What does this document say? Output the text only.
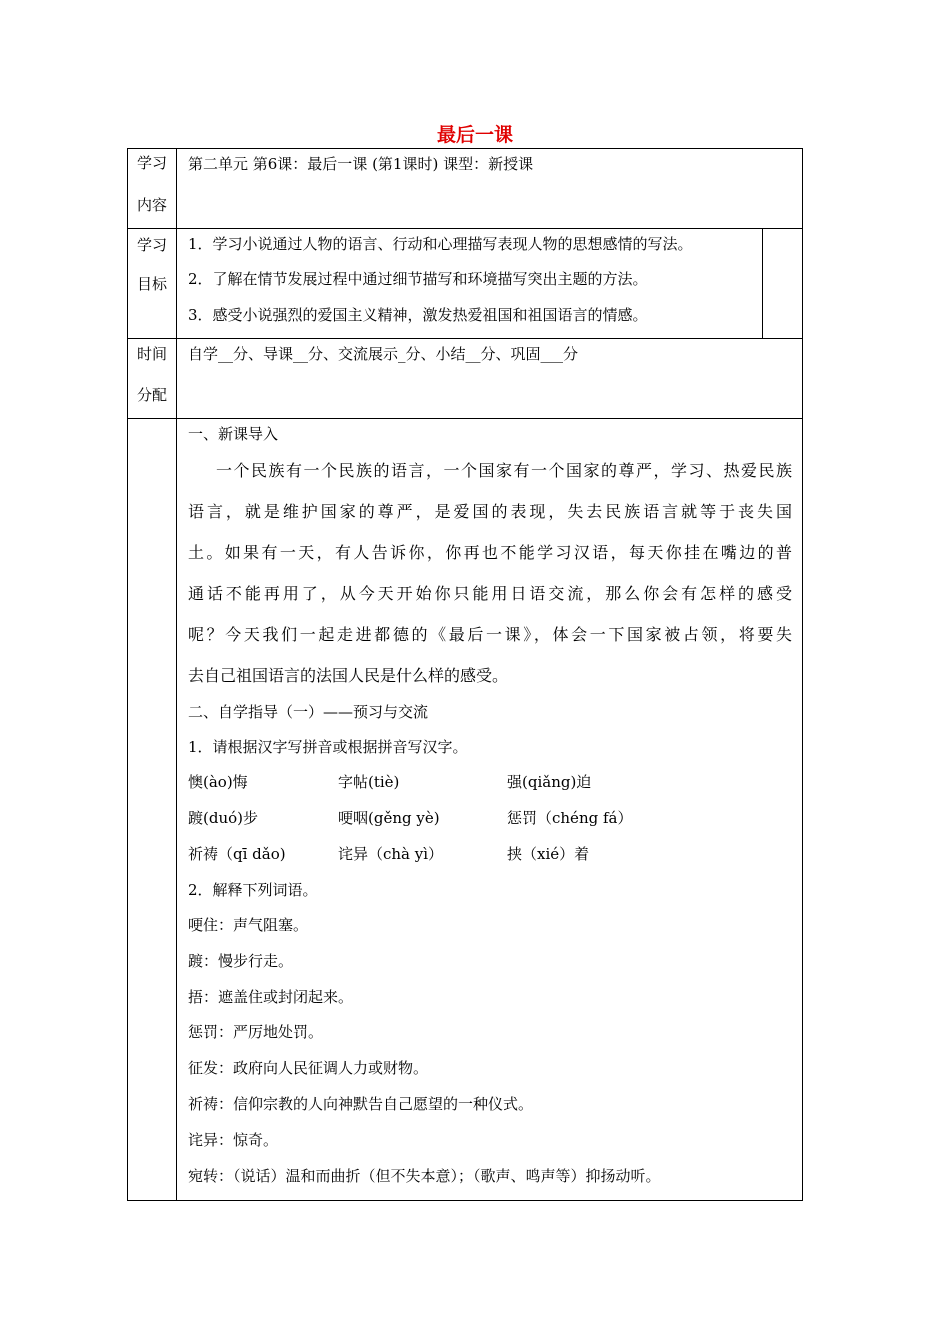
最后一课
学习
内容
第二单元 第6课：最后一课 (第1课时) 课型：新授课
学习
目标
1．学习小说通过人物的语言、行动和心理描写表现人物的思想感情的写法。
2．了解在情节发展过程中通过细节描写和环境描写突出主题的方法。
3．感受小说强烈的爱国主义精神，激发热爱祖国和祖国语言的情感。
时间
分配
自学__分、导课__分、交流展示_分、小结__分、巩固___分
一、新课导入
一个民族有一个民族的语言，一个国家有一个国家的尊严，学习、热爱民族
语言，就是维护国家的尊严，是爱国的表现，失去民族语言就等于丧失国
土。如果有一天，有人告诉你，你再也不能学习汉语，每天你挂在嘴边的普
通话不能再用了，从今天开始你只能用日语交流，那么你会有怎样的感受
呢？今天我们一起走进都德的《最后一课》，体会一下国家被占领，将要失
去自己祖国语言的法国人民是什么样的感受。
二、自学指导（一）——预习与交流
1．请根据汉字写拼音或根据拼音写汉字。
懊(ào)悔	字帖(tiè)	强(qiǎng)迫
踱(duó)步	哽咽(gěng yè)	惩罚（chéng fá）
祈祷（qī dǎo)	诧异（chà yì）	挟（xié）着
2．解释下列词语。
哽住：声气阻塞。
踱：慢步行走。
捂：遮盖住或封闭起来。
惩罚：严厉地处罚。
征发：政府向人民征调人力或财物。
祈祷：信仰宗教的人向神默告自己愿望的一种仪式。
诧异：惊奇。
宛转：（说话）温和而曲折（但不失本意）；（歌声、鸣声等）抑扬动听。
